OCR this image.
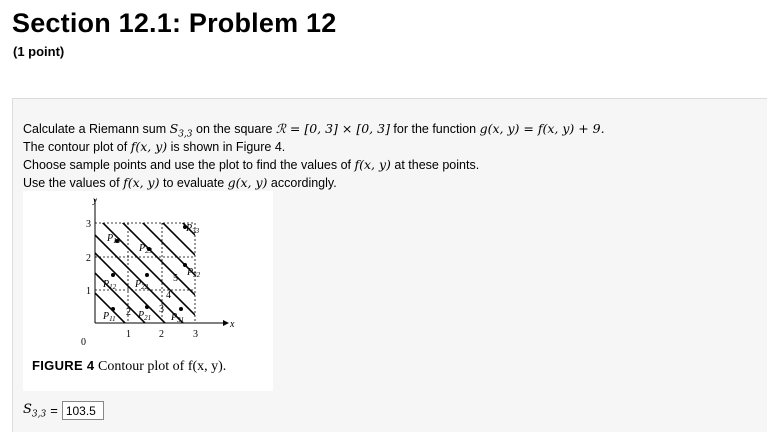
Section 12.1: Problem 12
(1 point)
Calculate a Riemann sum $S_{3,3}$ on the square ℛ = [0, 3] × [0, 3] for the function g(x, y) = f(x, y) + 9.
The contour plot of f(x, y) is shown in Figure 4.
Choose sample points and use the plot to find the values of f(x, y) at these points.
Use the values of f(x, y) to evaluate g(x, y) accordingly.
$P_{11}$ $P_{21}$ $P_{31}$
$P_{12}$ $P_{22}$
$P_{32}$
$P_{13}$
$P_{23}$
$P_{33}$
2	3
4
5
0
1	2	3
1
2
3
x
y
FIGURE 4 Contour plot of f(x, y).
$S_{3,3} = 103.5$
